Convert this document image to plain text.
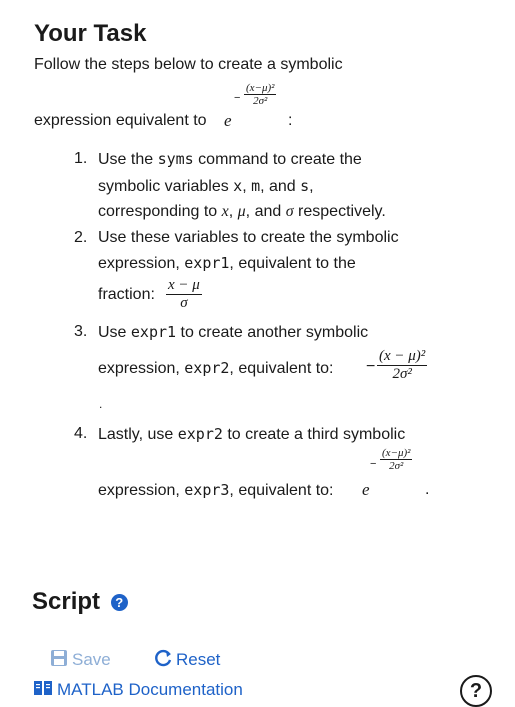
Your Task
Follow the steps below to create a symbolic
expression equivalent to e
− $\frac{\text{(x−μ)²}}{\text{2σ²}}$
:
1. Use the syms command to create the
symbolic variables x, m, and s,
corresponding to x, μ, and σ respectively.
2. Use these variables to create the symbolic
expression, expr1, equivalent to the
fraction: $\frac{x - \mu}{\sigma}$
3. Use expr1 to create another symbolic
expression, expr2, equivalent to: − $\frac{\text{(x − μ)²}}{\text{2σ²}}$
.
4. Lastly, use expr2 to create a third symbolic
expression, expr3, equivalent to: e
− $\frac{\text{(x−μ)²}}{\text{2σ²}}$
.
Script ?
Save	Reset
MATLAB Documentation	?
